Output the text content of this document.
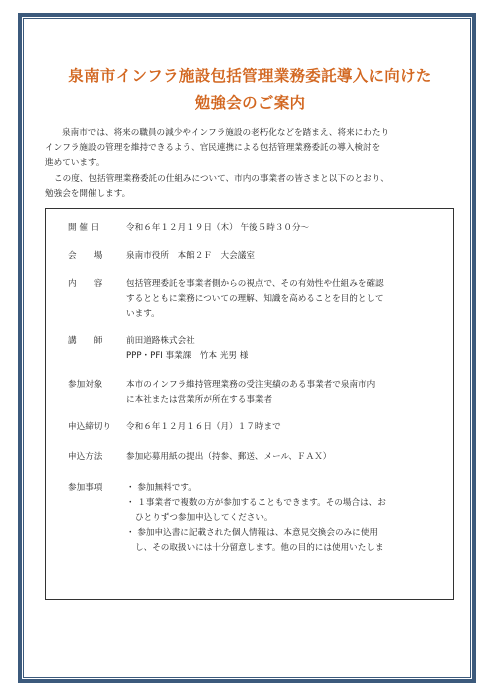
泉南市インフラ施設包括管理業務委託導入に向けた
勉強会のご案内
泉南市では、将来の職員の減少やインフラ施設の老朽化などを踏まえ、将来にわたり
インフラ施設の管理を維持できるよう、官民連携による包括管理業務委託の導入検討を
進めています。
この度、包括管理業務委託の仕組みについて、市内の事業者の皆さまと以下のとおり、
勉強会を開催します。
開 催 日	令和６年１２月１９日（木） 午後５時３０分～
会　　場	泉南市役所　本館２Ｆ　大会議室
内　　容	包括管理委託を事業者側からの視点で、その有効性や仕組みを確認
するとともに業務についての理解、知識を高めることを目的として
います。
講　　師	前田道路株式会社
PPP・PFI 事業課　竹本 光男 様
参加対象	本市のインフラ維持管理業務の受注実績のある事業者で泉南市内
に本社または営業所が所在する事業者
申込締切り	令和６年１２月１６日（月）１７時まで
申込方法	参加応募用紙の提出（持参、郵送、メール、ＦＡＸ）
参加事項	・ 参加無料です。
・ １事業者で複数の方が参加することもできます。その場合は、お
ひとりずつ参加申込してください。
・ 参加申込書に記載された個人情報は、本意見交換会のみに使用
し、その取扱いには十分留意します。他の目的には使用いたしま
